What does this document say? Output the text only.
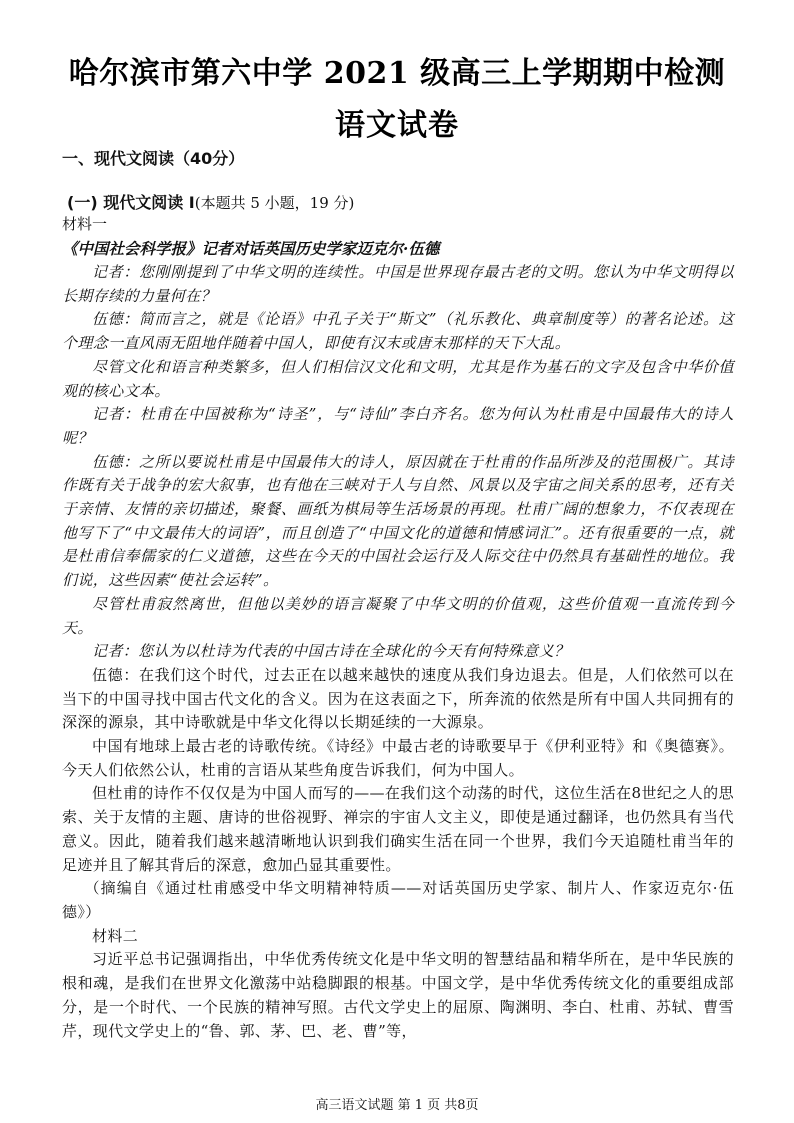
哈尔滨市第六中学 2021 级高三上学期期中检测
语文试卷
一、现代文阅读（40分）
(一) 现代文阅读 I(本题共 5 小题，19 分)
材料一
《中国社会科学报》记者对话英国历史学家迈克尔·伍德

记者：您刚刚提到了中华文明的连续性。中国是世界现存最古老的文明。您认为中华文明得以长期存续的力量何在？

伍德：简而言之，就是《论语》中孔子关于“斯文”（礼乐教化、典章制度等）的著名论述。这个理念一直风雨无阻地伴随着中国人，即使有汉末或唐末那样的天下大乱。

尽管文化和语言种类繁多，但人们相信汉文化和文明，尤其是作为基石的文字及包含中华价值观的核心文本。

记者：杜甫在中国被称为“诗圣”，与“诗仙”李白齐名。您为何认为杜甫是中国最伟大的诗人呢？

伍德：之所以要说杜甫是中国最伟大的诗人，原因就在于杜甫的作品所涉及的范围极广。其诗作既有关于战争的宏大叙事，也有他在三峡对于人与自然、风景以及宇宙之间关系的思考，还有关于亲情、友情的亲切描述，聚餐、画纸为棋局等生活场景的再现。杜甫广阔的想象力，不仅表现在他写下了“中文最伟大的词语”，而且创造了“中国文化的道德和情感词汇”。还有很重要的一点，就是杜甫信奉儒家的仁义道德，这些在今天的中国社会运行及人际交往中仍然具有基础性的地位。我们说，这些因素“使社会运转”。

尽管杜甫寂然离世，但他以美妙的语言凝聚了中华文明的价值观，这些价值观一直流传到今天。

记者：您认为以杜诗为代表的中国古诗在全球化的今天有何特殊意义？

伍德：在我们这个时代，过去正在以越来越快的速度从我们身边退去。但是，人们依然可以在当下的中国寻找中国古代文化的含义。因为在这表面之下，所奔流的依然是所有中国人共同拥有的深深的源泉，其中诗歌就是中华文化得以长期延续的一大源泉。

中国有地球上最古老的诗歌传统。《诗经》中最古老的诗歌要早于《伊利亚特》和《奥德赛》。今天人们依然公认，杜甫的言语从某些角度告诉我们，何为中国人。

但杜甫的诗作不仅仅是为中国人而写的——在我们这个动荡的时代，这位生活在8世纪之人的思索、关于友情的主题、唐诗的世俗视野、禅宗的宇宙人文主义，即使是通过翻译，也仍然具有当代意义。因此，随着我们越来越清晰地认识到我们确实生活在同一个世界，我们今天追随杜甫当年的足迹并且了解其背后的深意，愈加凸显其重要性。

（摘编自《通过杜甫感受中华文明精神特质——对话英国历史学家、制片人、作家迈克尔·伍德》）

材料二

习近平总书记强调指出，中华优秀传统文化是中华文明的智慧结晶和精华所在，是中华民族的根和魂，是我们在世界文化激荡中站稳脚跟的根基。中国文学，是中华优秀传统文化的重要组成部分，是一个时代、一个民族的精神写照。古代文学史上的屈原、陶渊明、李白、杜甫、苏轼、曹雪芹，现代文学史上的“鲁、郭、茅、巴、老、曹”等，

高三语文试题 第 1 页 共8页
